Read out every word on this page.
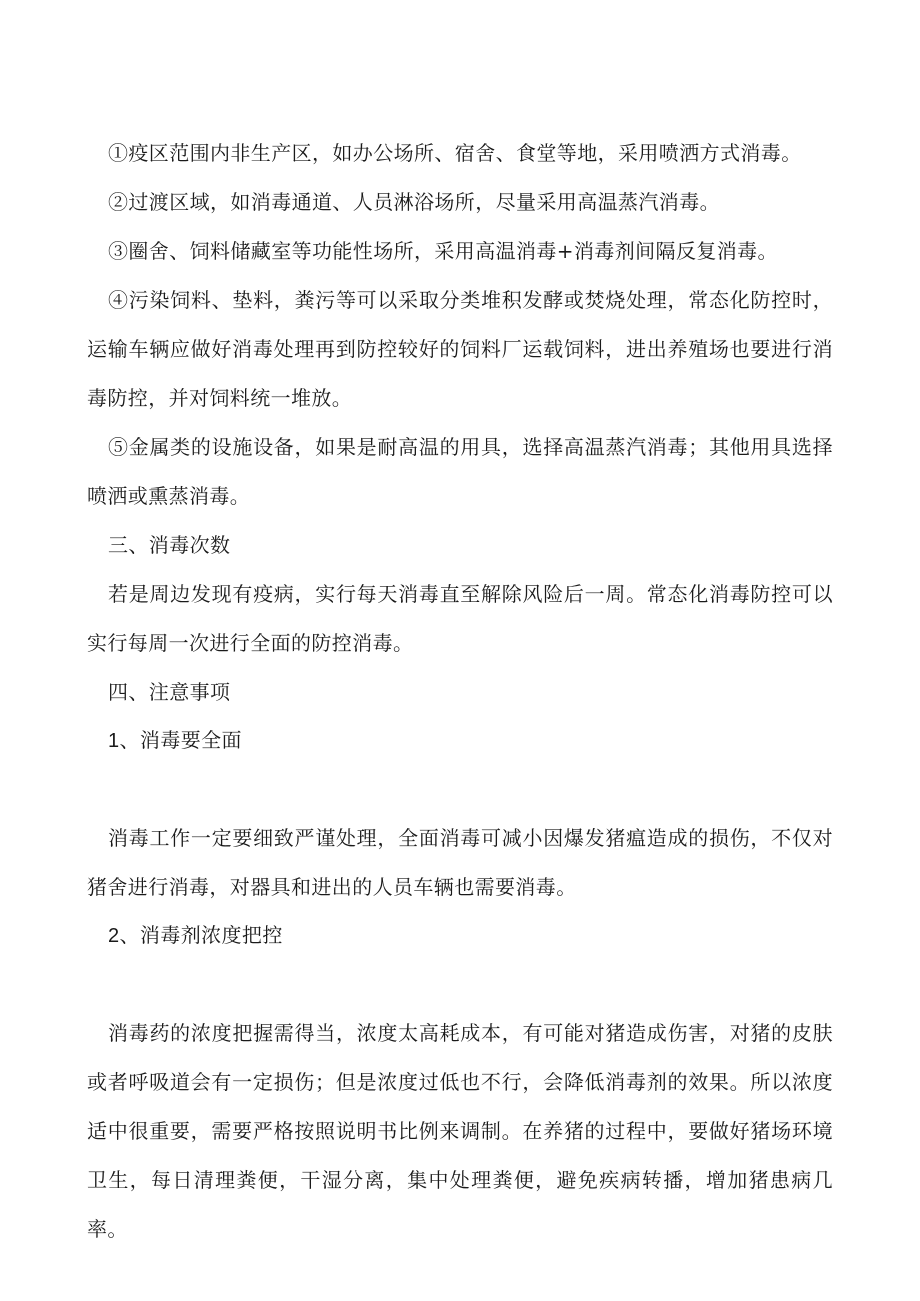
①疫区范围内非生产区，如办公场所、宿舍、食堂等地，采用喷洒方式消毒。

②过渡区域，如消毒通道、人员淋浴场所，尽量采用高温蒸汽消毒。

③圈舍、饲料储藏室等功能性场所，采用高温消毒+消毒剂间隔反复消毒。

④污染饲料、垫料，粪污等可以采取分类堆积发酵或焚烧处理，常态化防控时，运输车辆应做好消毒处理再到防控较好的饲料厂运载饲料，进出养殖场也要进行消毒防控，并对饲料统一堆放。

⑤金属类的设施设备，如果是耐高温的用具，选择高温蒸汽消毒；其他用具选择喷洒或熏蒸消毒。

三、消毒次数

若是周边发现有疫病，实行每天消毒直至解除风险后一周。常态化消毒防控可以实行每周一次进行全面的防控消毒。

四、注意事项

1、消毒要全面

消毒工作一定要细致严谨处理，全面消毒可减小因爆发猪瘟造成的损伤，不仅对猪舍进行消毒，对器具和进出的人员车辆也需要消毒。

2、消毒剂浓度把控

消毒药的浓度把握需得当，浓度太高耗成本，有可能对猪造成伤害，对猪的皮肤或者呼吸道会有一定损伤；但是浓度过低也不行，会降低消毒剂的效果。所以浓度适中很重要，需要严格按照说明书比例来调制。在养猪的过程中，要做好猪场环境卫生，每日清理粪便，干湿分离，集中处理粪便，避免疾病转播，增加猪患病几率。
